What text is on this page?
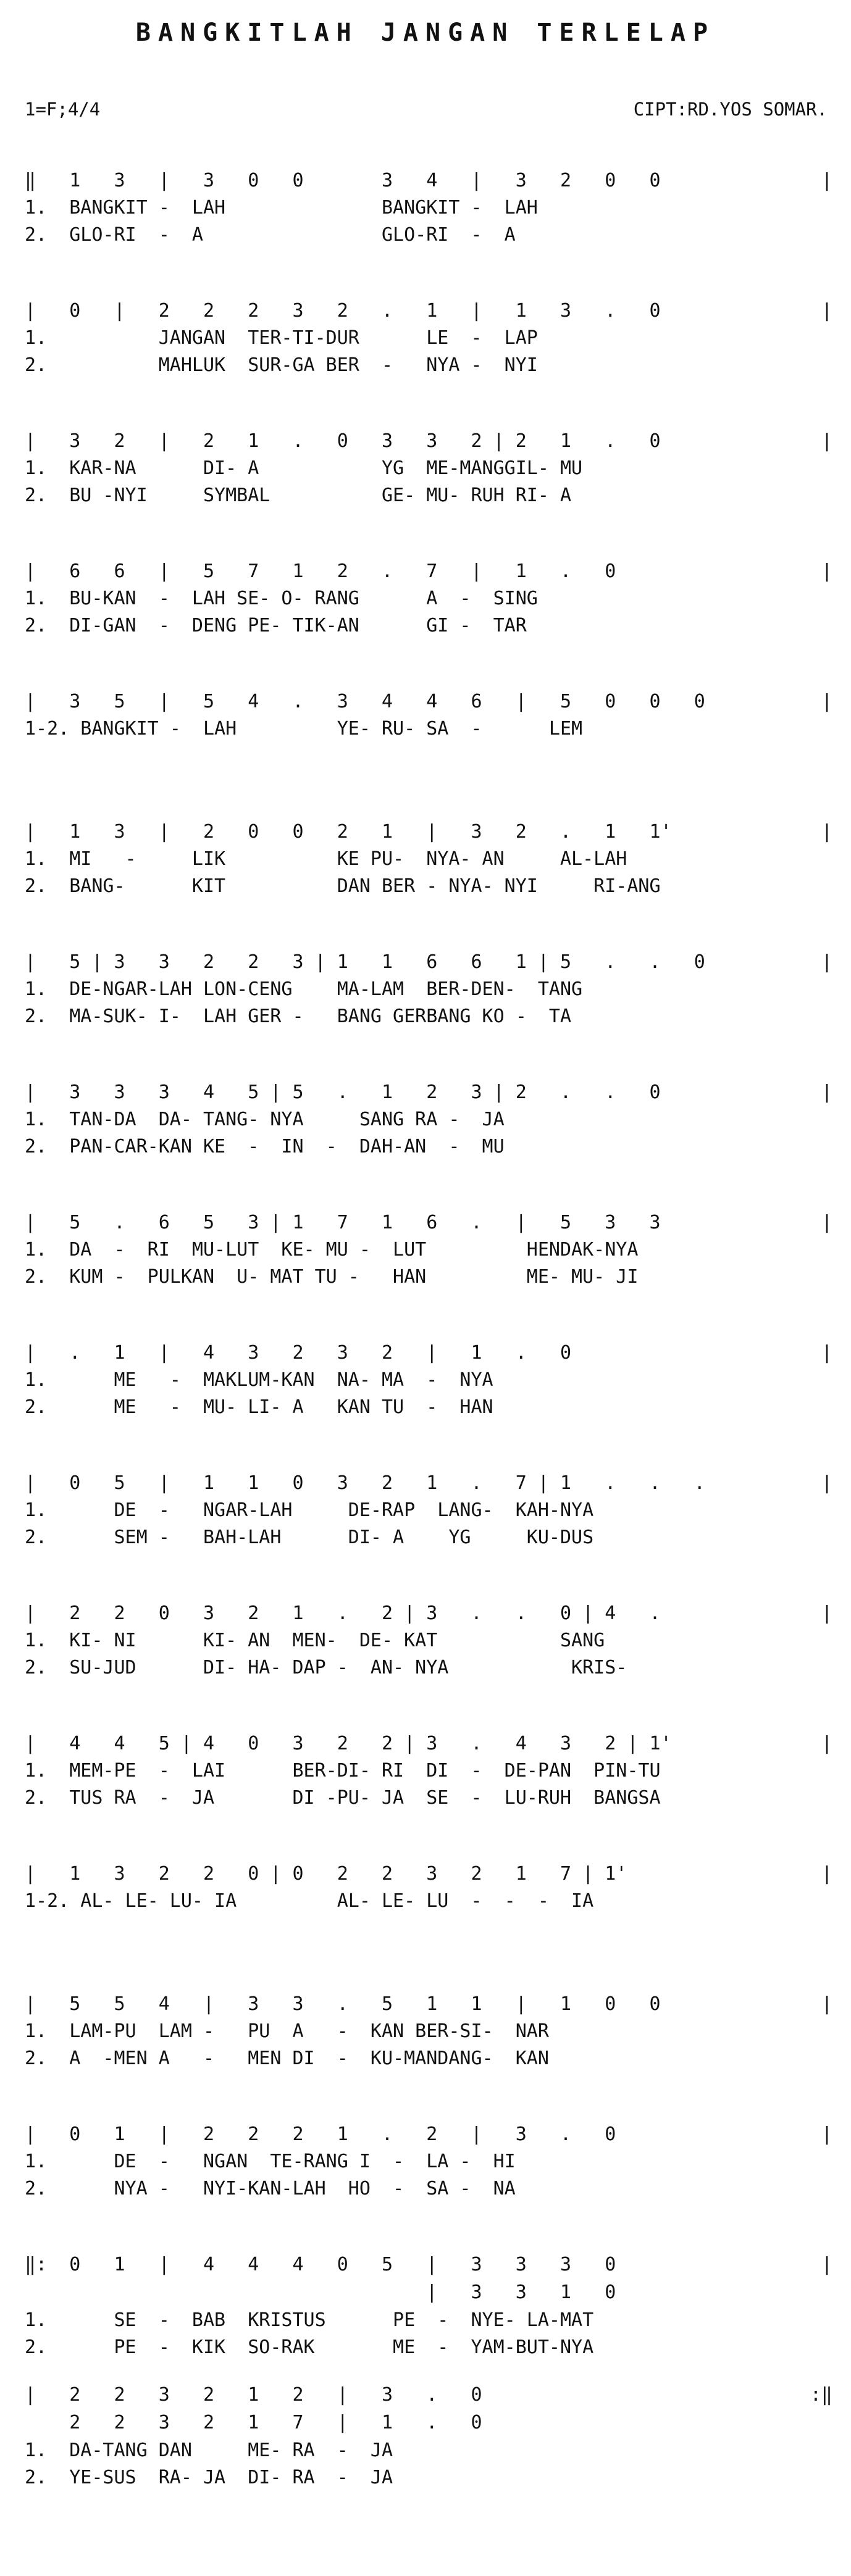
BANGKITLAH JANGAN TERLELAP
1=F;4/4	CIPT:RD.YOS SOMAR.
‖   1   3   |   3   0   0       3   4   |   3   2   0   0	|
1.  BANGKIT -  LAH              BANGKIT -  LAH
2.  GLO-RI  -  A                GLO-RI  -  A
|   0   |   2   2   2   3   2   .   1   |   1   3   .   0	|
1.          JANGAN  TER-TI-DUR      LE  -  LAP
2.          MAHLUK  SUR-GA BER  -   NYA -  NYI
|   3   2   |   2   1   .   0   3   3   2 | 2   1   .   0	|
1.  KAR-NA      DI- A           YG  ME-MANGGIL- MU
2.  BU -NYI     SYMBAL          GE- MU- RUH RI- A
|   6   6   |   5   7   1   2   .   7   |   1   .   0	|
1.  BU-KAN  -  LAH SE- O- RANG      A  -  SING
2.  DI-GAN  -  DENG PE- TIK-AN      GI -  TAR
|   3   5   |   5   4   .   3   4   4   6   |   5   0   0   0	|
1-2. BANGKIT -  LAH         YE- RU- SA  -      LEM
|   1   3   |   2   0   0   2   1   |   3   2   .   1   1'	|
1.  MI   -     LIK          KE PU-  NYA- AN     AL-LAH
2.  BANG-      KIT          DAN BER - NYA- NYI     RI-ANG
|   5 | 3   3   2   2   3 | 1   1   6   6   1 | 5   .   .   0	|
1.  DE-NGAR-LAH LON-CENG    MA-LAM  BER-DEN-  TANG
2.  MA-SUK- I-  LAH GER -   BANG GERBANG KO -  TA
|   3   3   3   4   5 | 5   .   1   2   3 | 2   .   .   0	|
1.  TAN-DA  DA- TANG- NYA     SANG RA -  JA
2.  PAN-CAR-KAN KE  -  IN  -  DAH-AN  -  MU
|   5   .   6   5   3 | 1   7   1   6   .   |   5   3   3	|
1.  DA  -  RI  MU-LUT  KE- MU -  LUT         HENDAK-NYA
2.  KUM -  PULKAN  U- MAT TU -   HAN         ME- MU- JI
|   .   1   |   4   3   2   3   2   |   1   .   0	|
1.      ME   -  MAKLUM-KAN  NA- MA  -  NYA
2.      ME   -  MU- LI- A   KAN TU  -  HAN
|   0   5   |   1   1   0   3   2   1   .   7 | 1   .   .   .	|
1.      DE  -   NGAR-LAH     DE-RAP  LANG-  KAH-NYA
2.      SEM -   BAH-LAH      DI- A    YG     KU-DUS
|   2   2   0   3   2   1   .   2 | 3   .   .   0 | 4   .	|
1.  KI- NI      KI- AN  MEN-  DE- KAT           SANG
2.  SU-JUD      DI- HA- DAP -  AN- NYA           KRIS-
|   4   4   5 | 4   0   3   2   2 | 3   .   4   3   2 | 1'	|
1.  MEM-PE  -  LAI      BER-DI- RI  DI  -  DE-PAN  PIN-TU
2.  TUS RA  -  JA       DI -PU- JA  SE  -  LU-RUH  BANGSA
|   1   3   2   2   0 | 0   2   2   3   2   1   7 | 1'	|
1-2. AL- LE- LU- IA         AL- LE- LU  -  -  -  IA
|   5   5   4   |   3   3   .   5   1   1   |   1   0   0	|
1.  LAM-PU  LAM -   PU  A   -  KAN BER-SI-  NAR
2.  A  -MEN A   -   MEN DI  -  KU-MANDANG-  KAN
|   0   1   |   2   2   2   1   .   2   |   3   .   0	|
1.      DE  -   NGAN  TE-RANG I  -  LA -  HI
2.      NYA -   NYI-KAN-LAH  HO  -  SA -  NA
‖:  0   1   |   4   4   4   0   5   |   3   3   3   0	|
|   3   3   1   0
1.      SE  -  BAB  KRISTUS      PE  -  NYE- LA-MAT
2.      PE  -  KIK  SO-RAK       ME  -  YAM-BUT-NYA
|   2   2   3   2   1   2   |   3   .   0	:‖
2   2   3   2   1   7   |   1   .   0
1.  DA-TANG DAN     ME- RA  -  JA
2.  YE-SUS  RA- JA  DI- RA  -  JA
